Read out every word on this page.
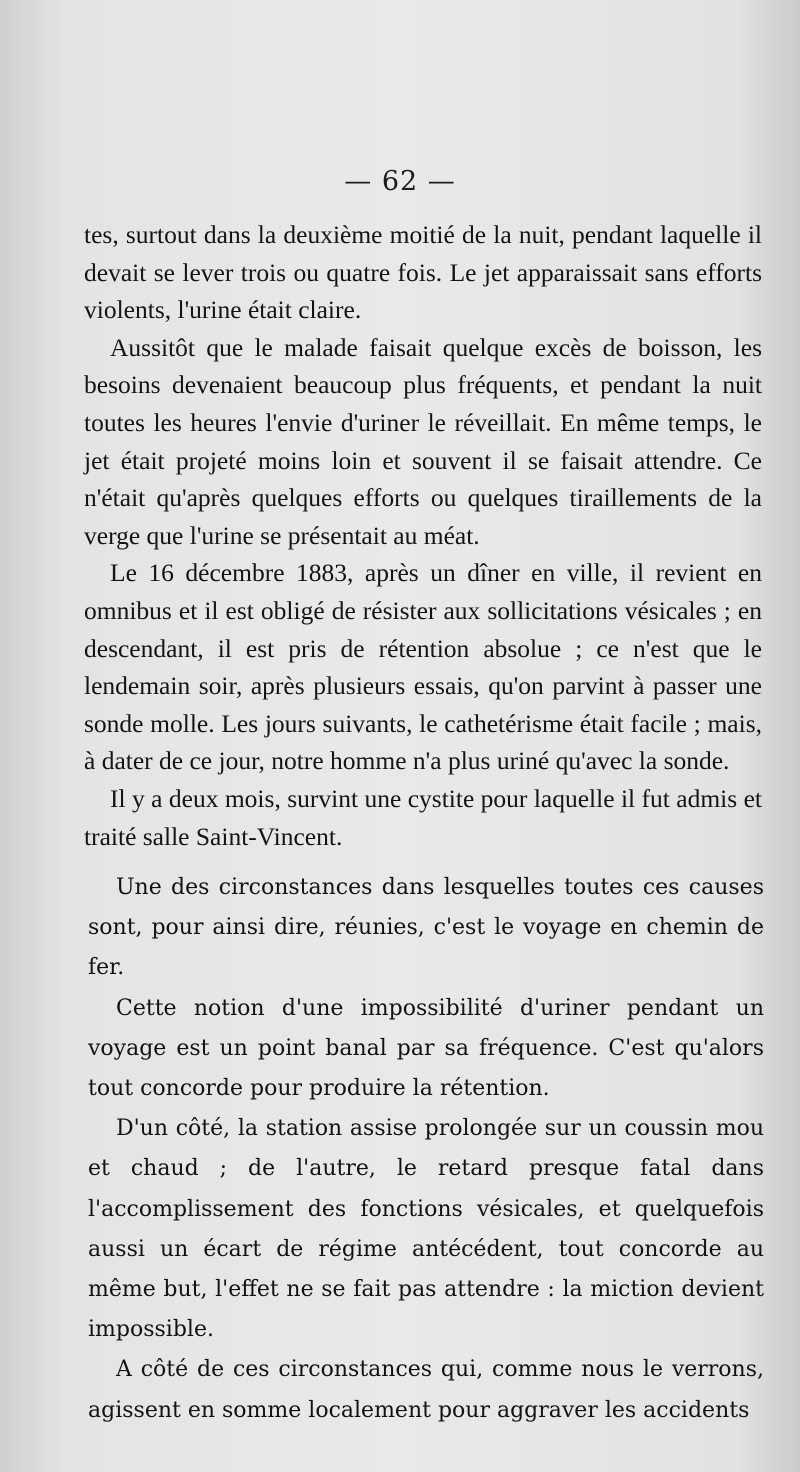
— 62 —

tes, surtout dans la deuxième moitié de la nuit, pendant laquelle il devait se lever trois ou quatre fois. Le jet apparaissait sans efforts violents, l'urine était claire.

Aussitôt que le malade faisait quelque excès de boisson, les besoins devenaient beaucoup plus fréquents, et pendant la nuit toutes les heures l'envie d'uriner le réveillait. En même temps, le jet était projeté moins loin et souvent il se faisait attendre. Ce n'était qu'après quelques efforts ou quelques tiraillements de la verge que l'urine se présentait au méat.

Le 16 décembre 1883, après un dîner en ville, il revient en omnibus et il est obligé de résister aux sollicitations vésicales ; en descendant, il est pris de rétention absolue ; ce n'est que le lendemain soir, après plusieurs essais, qu'on parvint à passer une sonde molle. Les jours suivants, le cathetérisme était facile ; mais, à dater de ce jour, notre homme n'a plus uriné qu'avec la sonde.

Il y a deux mois, survint une cystite pour laquelle il fut admis et traité salle Saint-Vincent.

Une des circonstances dans lesquelles toutes ces causes sont, pour ainsi dire, réunies, c'est le voyage en chemin de fer.

Cette notion d'une impossibilité d'uriner pendant un voyage est un point banal par sa fréquence. C'est qu'alors tout concorde pour produire la rétention.

D'un côté, la station assise prolongée sur un coussin mou et chaud ; de l'autre, le retard presque fatal dans l'accomplissement des fonctions vésicales, et quelquefois aussi un écart de régime antécédent, tout concorde au même but, l'effet ne se fait pas attendre : la miction devient impossible.

A côté de ces circonstances qui, comme nous le verrons, agissent en somme localement pour aggraver les accidents
